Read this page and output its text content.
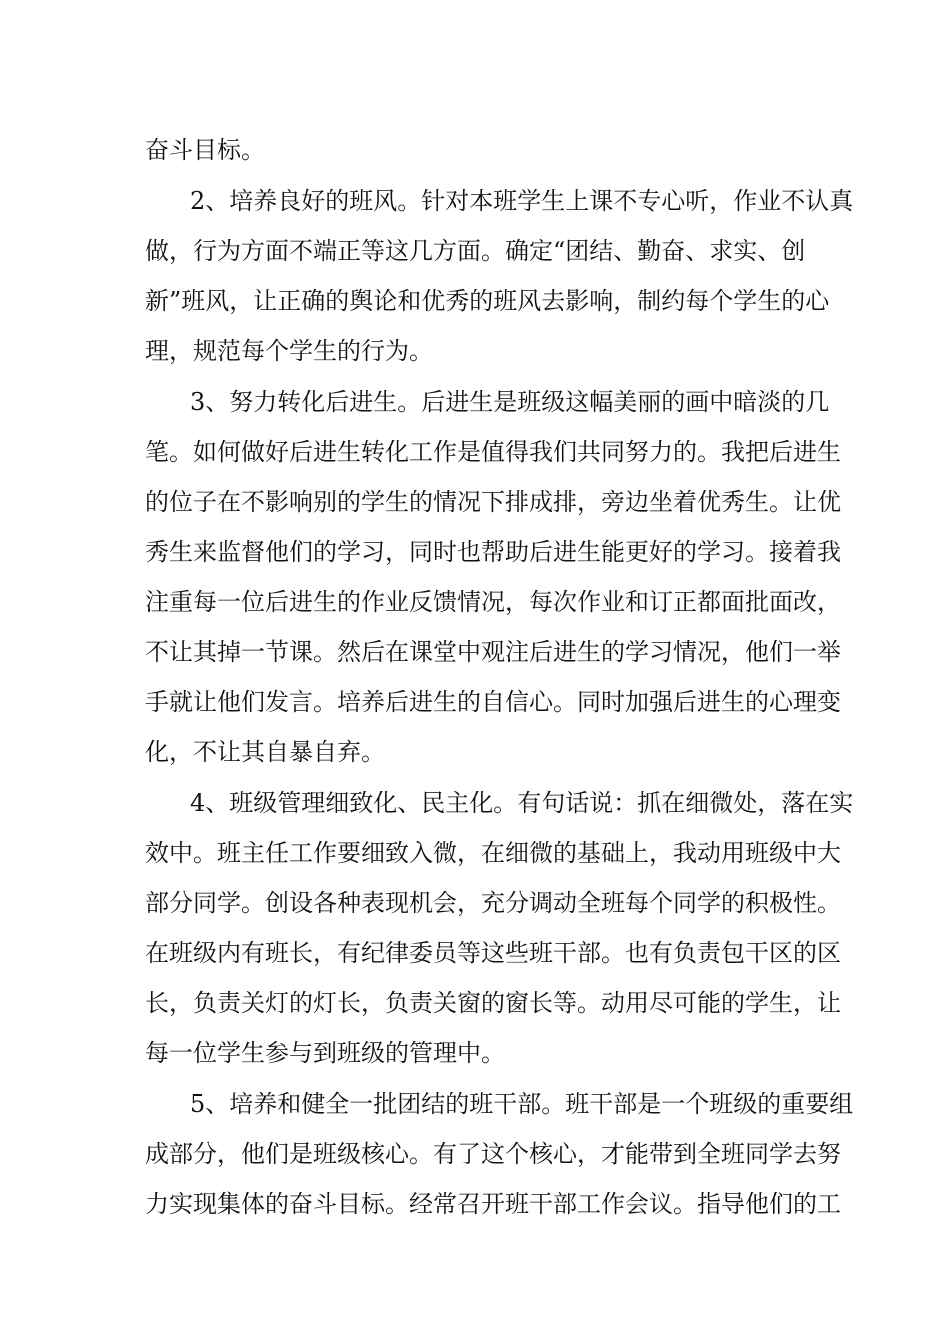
奋斗目标。
2、培养良好的班风。针对本班学生上课不专心听，作业不认真
做，行为方面不端正等这几方面。确定“团结、勤奋、求实、创
新”班风，让正确的舆论和优秀的班风去影响，制约每个学生的心
理，规范每个学生的行为。
3、努力转化后进生。后进生是班级这幅美丽的画中暗淡的几
笔。如何做好后进生转化工作是值得我们共同努力的。我把后进生
的位子在不影响别的学生的情况下排成排，旁边坐着优秀生。让优
秀生来监督他们的学习，同时也帮助后进生能更好的学习。接着我
注重每一位后进生的作业反馈情况，每次作业和订正都面批面改，
不让其掉一节课。然后在课堂中观注后进生的学习情况，他们一举
手就让他们发言。培养后进生的自信心。同时加强后进生的心理变
化，不让其自暴自弃。
4、班级管理细致化、民主化。有句话说：抓在细微处，落在实
效中。班主任工作要细致入微，在细微的基础上，我动用班级中大
部分同学。创设各种表现机会，充分调动全班每个同学的积极性。
在班级内有班长，有纪律委员等这些班干部。也有负责包干区的区
长，负责关灯的灯长，负责关窗的窗长等。动用尽可能的学生，让
每一位学生参与到班级的管理中。
5、培养和健全一批团结的班干部。班干部是一个班级的重要组
成部分，他们是班级核心。有了这个核心，才能带到全班同学去努
力实现集体的奋斗目标。经常召开班干部工作会议。指导他们的工
